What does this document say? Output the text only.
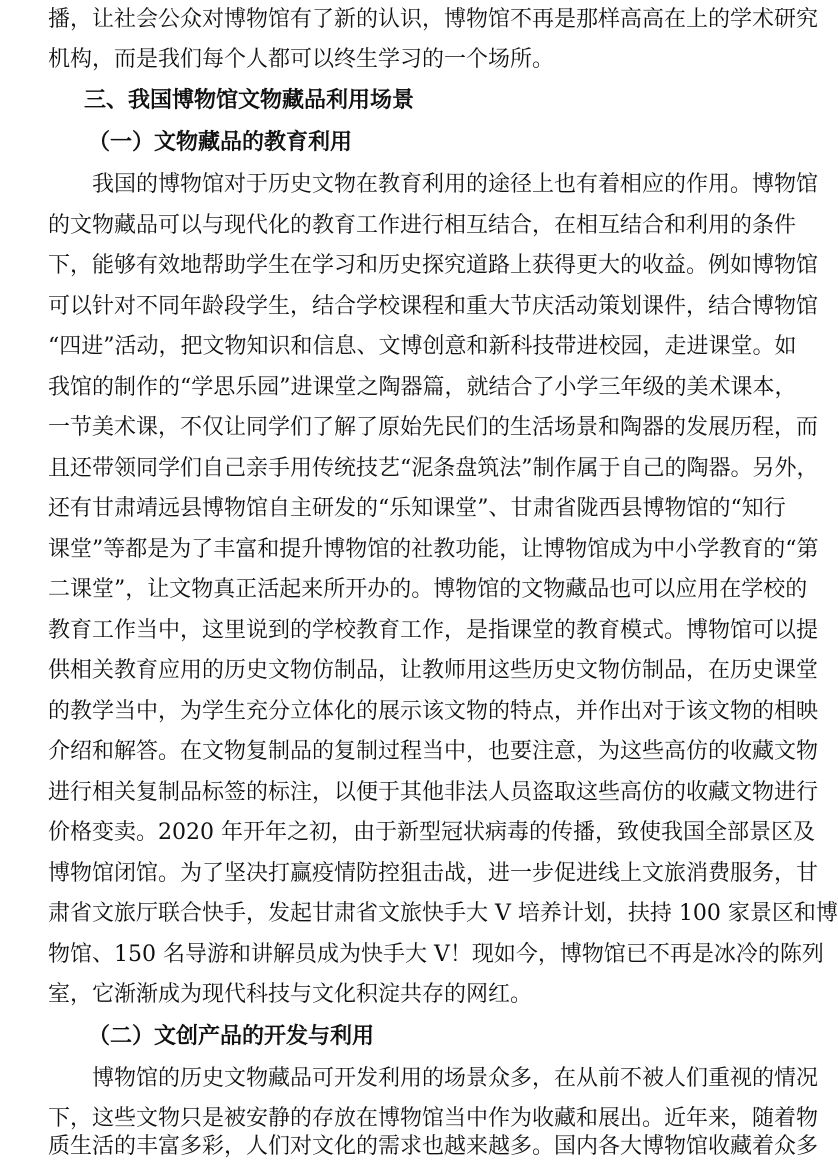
播，让社会公众对博物馆有了新的认识，博物馆不再是那样高高在上的学术研究
机构，而是我们每个人都可以终生学习的一个场所。
三、我国博物馆文物藏品利用场景
（一）文物藏品的教育利用
我国的博物馆对于历史文物在教育利用的途径上也有着相应的作用。博物馆
的文物藏品可以与现代化的教育工作进行相互结合，在相互结合和利用的条件
下，能够有效地帮助学生在学习和历史探究道路上获得更大的收益。例如博物馆
可以针对不同年龄段学生，结合学校课程和重大节庆活动策划课件，结合博物馆
“四进”活动，把文物知识和信息、文博创意和新科技带进校园，走进课堂。如
我馆的制作的“学思乐园”进课堂之陶器篇，就结合了小学三年级的美术课本，
一节美术课，不仅让同学们了解了原始先民们的生活场景和陶器的发展历程，而
且还带领同学们自己亲手用传统技艺“泥条盘筑法”制作属于自己的陶器。另外，
还有甘肃靖远县博物馆自主研发的“乐知课堂”、甘肃省陇西县博物馆的“知行
课堂”等都是为了丰富和提升博物馆的社教功能，让博物馆成为中小学教育的“第
二课堂”，让文物真正活起来所开办的。博物馆的文物藏品也可以应用在学校的
教育工作当中，这里说到的学校教育工作，是指课堂的教育模式。博物馆可以提
供相关教育应用的历史文物仿制品，让教师用这些历史文物仿制品，在历史课堂
的教学当中，为学生充分立体化的展示该文物的特点，并作出对于该文物的相映
介绍和解答。在文物复制品的复制过程当中，也要注意，为这些高仿的收藏文物
进行相关复制品标签的标注，以便于其他非法人员盗取这些高仿的收藏文物进行
价格变卖。2020 年开年之初，由于新型冠状病毒的传播，致使我国全部景区及
博物馆闭馆。为了坚决打赢疫情防控狙击战，进一步促进线上文旅消费服务，甘
肃省文旅厅联合快手，发起甘肃省文旅快手大 V 培养计划，扶持 100 家景区和博
物馆、150 名导游和讲解员成为快手大 V！现如今，博物馆已不再是冰冷的陈列
室，它渐渐成为现代科技与文化积淀共存的网红。
（二）文创产品的开发与利用
博物馆的历史文物藏品可开发利用的场景众多，在从前不被人们重视的情况
下，这些文物只是被安静的存放在博物馆当中作为收藏和展出。近年来，随着物
质生活的丰富多彩，人们对文化的需求也越来越多。国内各大博物馆收藏着众多
